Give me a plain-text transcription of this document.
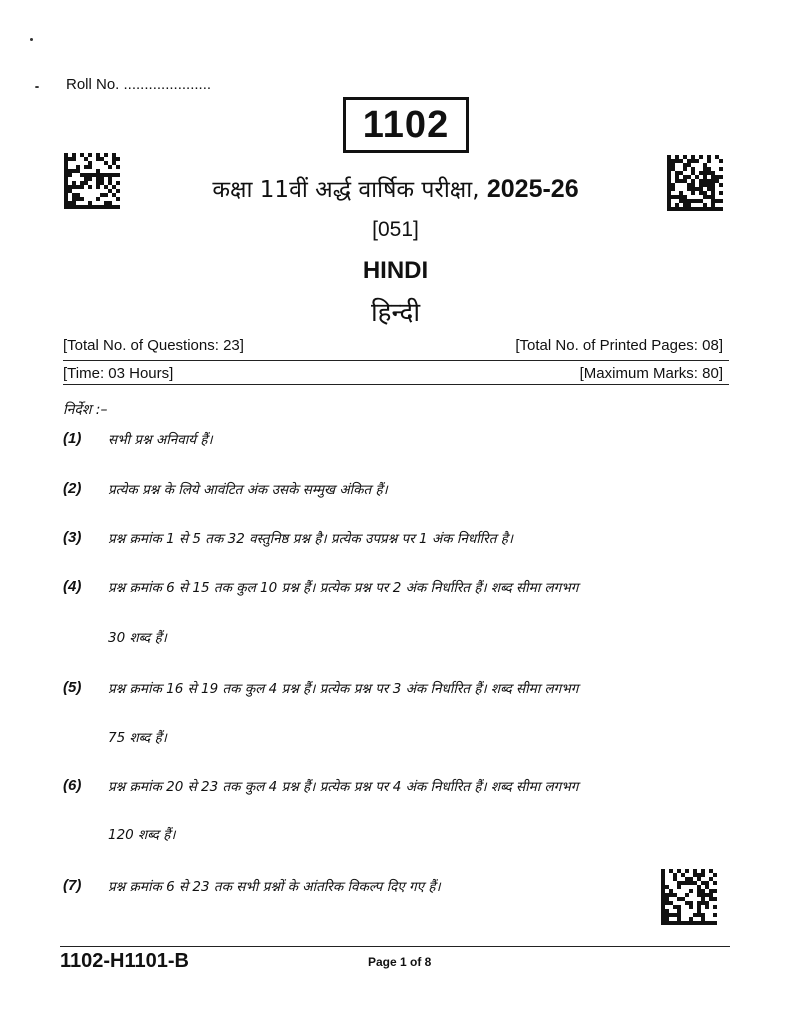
Roll No. .....................
1102
कक्षा 11वीं अर्द्ध वार्षिक परीक्षा, 2025-26
[051]
HINDI
हिन्दी
[Total No. of Questions: 23]	[Total No. of Printed Pages: 08]
[Time: 03 Hours]	[Maximum Marks: 80]
निर्देश :–
(1) सभी प्रश्न अनिवार्य हैं।
(2) प्रत्येक प्रश्न के लिये आवंटित अंक उसके सम्मुख अंकित हैं।
(3) प्रश्न क्रमांक 1 से 5 तक 32 वस्तुनिष्ठ प्रश्न है। प्रत्येक उपप्रश्न पर 1 अंक निर्धारित है।
(4) प्रश्न क्रमांक 6 से 15 तक कुल 10 प्रश्न हैं। प्रत्येक प्रश्न पर 2 अंक निर्धारित हैं। शब्द सीमा लगभग
30 शब्द हैं।
(5) प्रश्न क्रमांक 16 से 19 तक कुल 4 प्रश्न हैं। प्रत्येक प्रश्न पर 3 अंक निर्धारित हैं। शब्द सीमा लगभग
75 शब्द हैं।
(6) प्रश्न क्रमांक 20 से 23 तक कुल 4 प्रश्न हैं। प्रत्येक प्रश्न पर 4 अंक निर्धारित हैं। शब्द सीमा लगभग
120 शब्द हैं।
(7) प्रश्न क्रमांक 6 से 23 तक सभी प्रश्नों के आंतरिक विकल्प दिए गए हैं।
1102-H1101-B	Page 1 of 8
